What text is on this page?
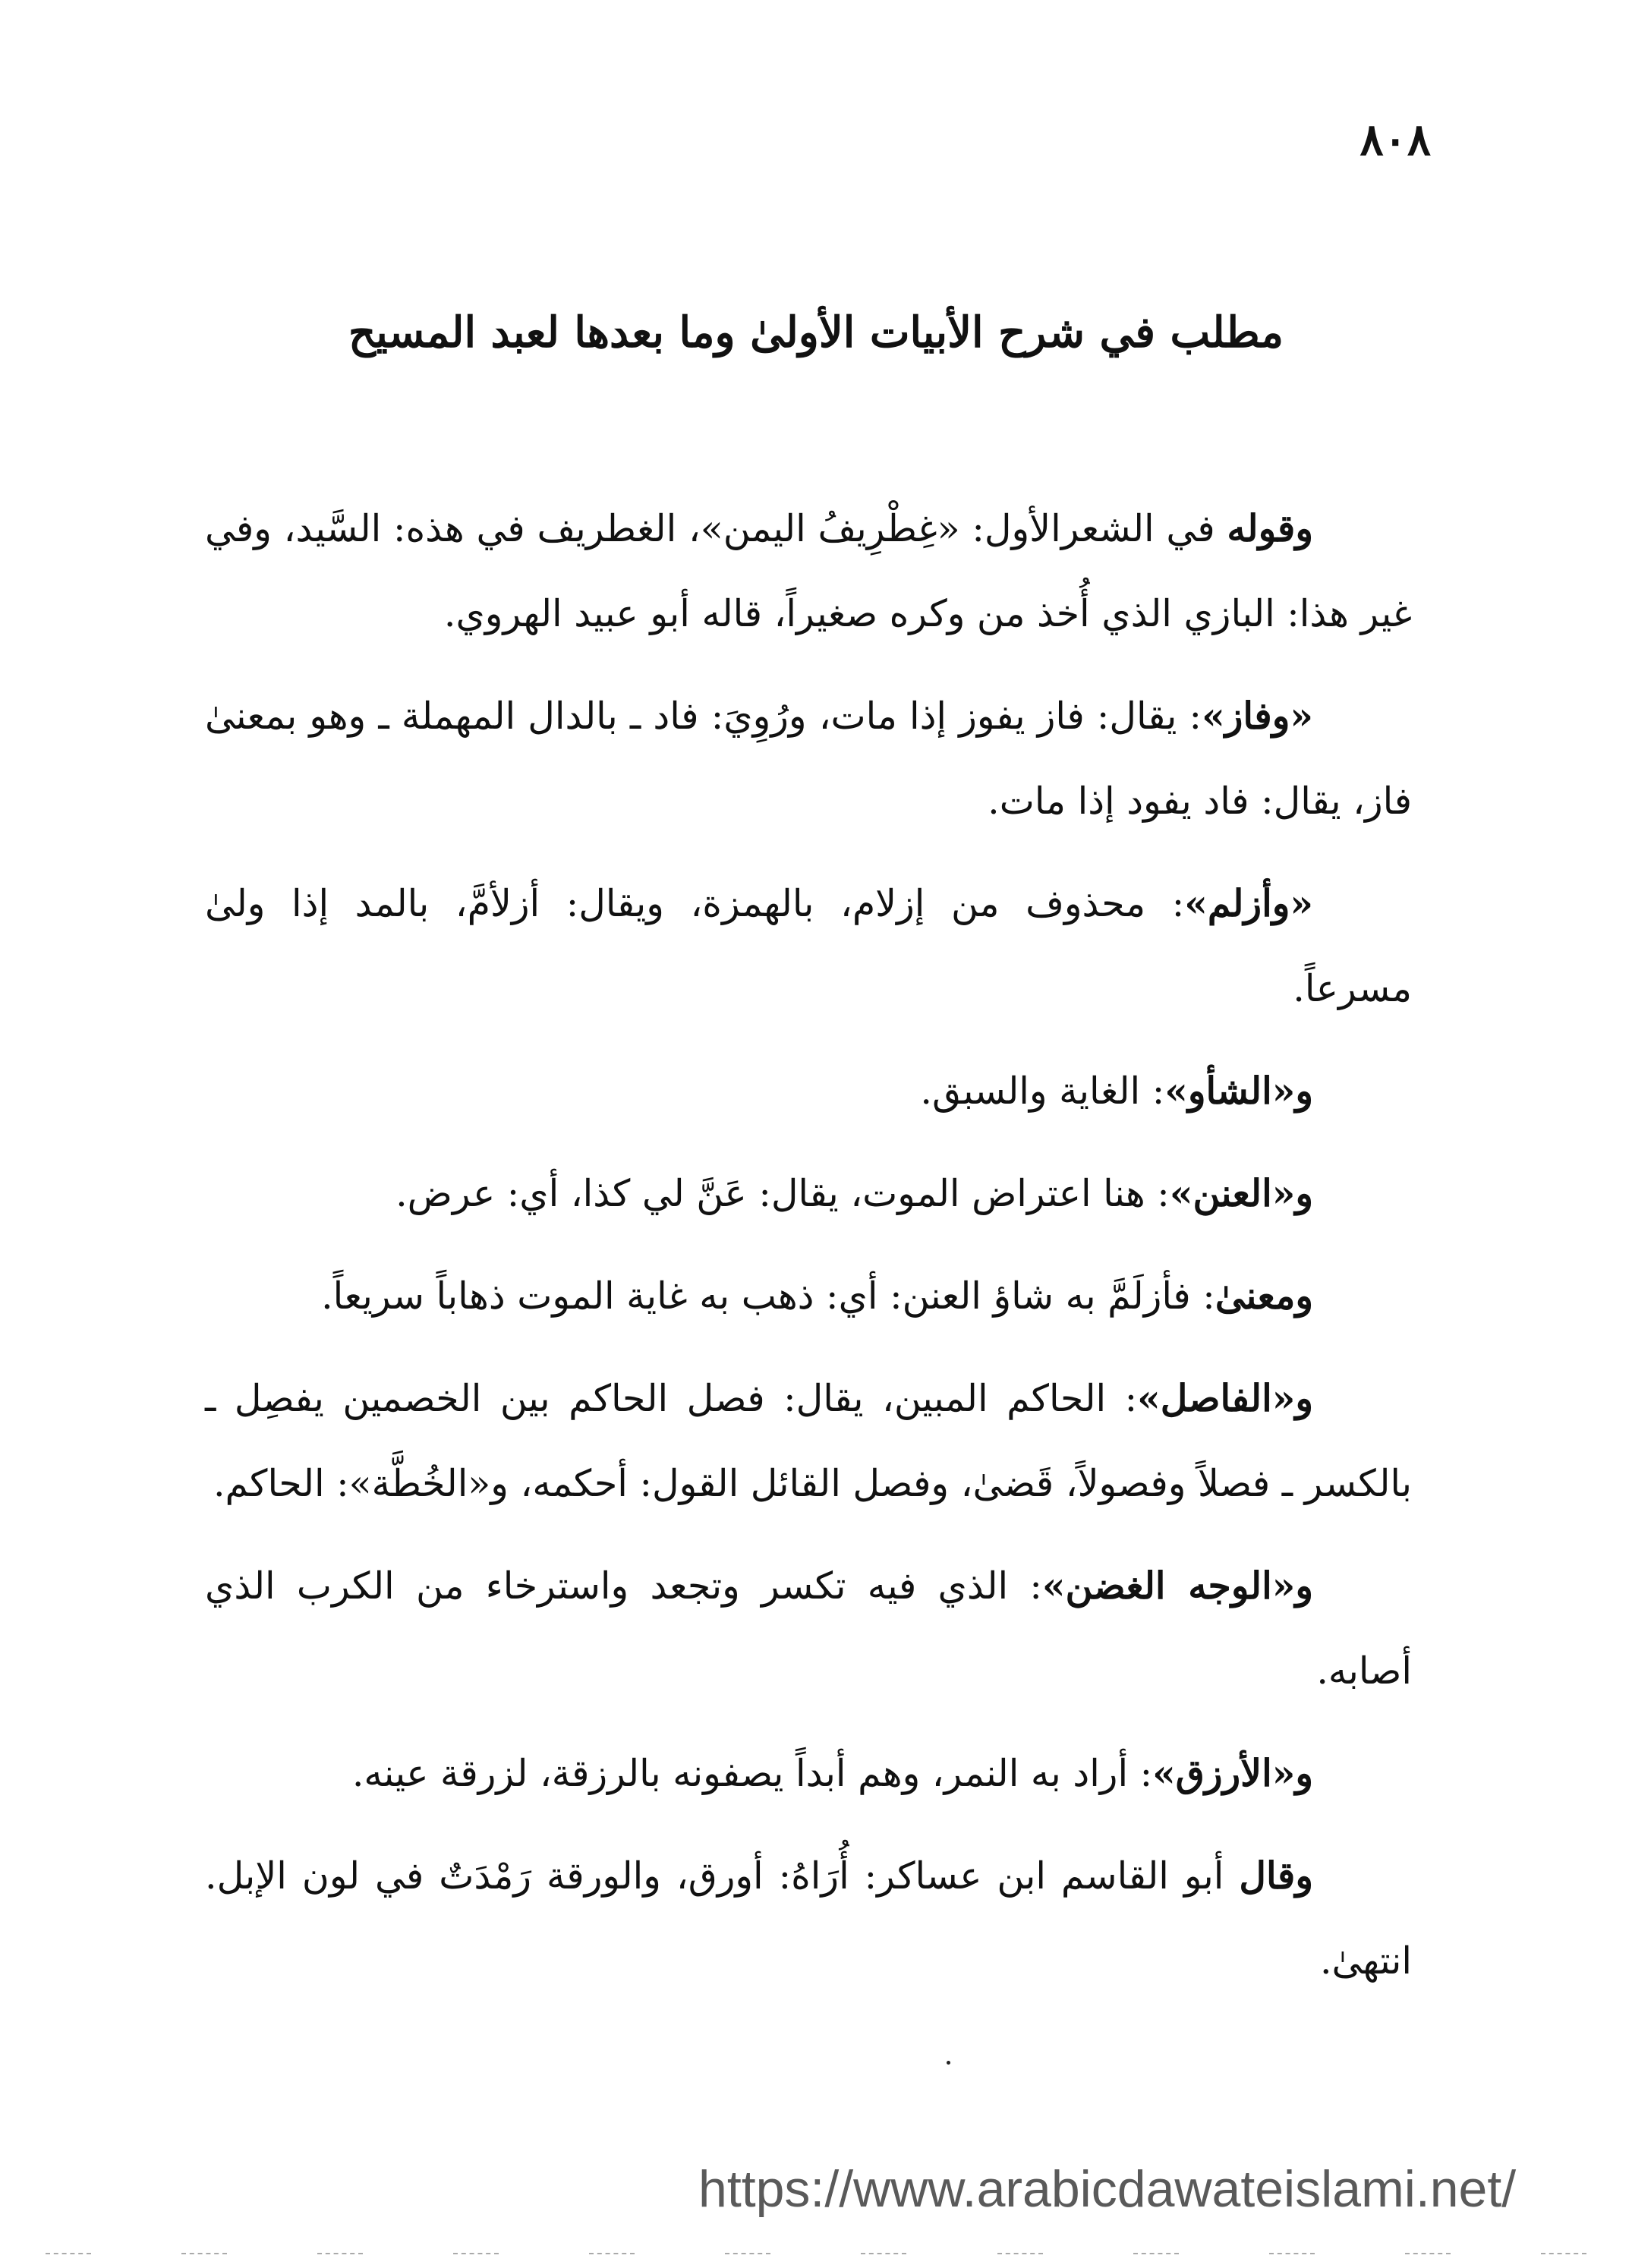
٨٠٨
مطلب في شرح الأبيات الأولىٰ وما بعدها لعبد المسيح

وقوله في الشعرالأول: «غِطْرِيفُ اليمن»، الغطريف في هذه: السَّيد، وفي غير هذا: البازي الذي أُخذ من وكره صغيراً، قاله أبو عبيد الهروي.

«وفاز»: يقال: فاز يفوز إذا مات، ورُوِيَ: فاد ـ بالدال المهملة ـ وهو بمعنىٰ فاز، يقال: فاد يفود إذا مات.

«وأزلم»: محذوف من إزلام، بالهمزة، ويقال: أزلأمَّ، بالمد إذا ولىٰ مسرعاً.

و«الشأو»: الغاية والسبق.

و«العنن»: هنا اعتراض الموت، يقال: عَنَّ لي كذا، أي: عرض.

ومعنىٰ: فأزلَمَّ به شاؤ العنن: أي: ذهب به غاية الموت ذهاباً سريعاً.

و«الفاصل»: الحاكم المبين، يقال: فصل الحاكم بين الخصمين يفصِل ـ بالكسر ـ فصلاً وفصولاً، قَضىٰ، وفصل القائل القول: أحكمه، و«الخُطَّة»: الحاكم.

و«الوجه الغضن»: الذي فيه تكسر وتجعد واسترخاء من الكرب الذي أصابه.

و«الأرزق»: أراد به النمر، وهم أبداً يصفونه بالرزقة، لزرقة عينه.

وقال أبو القاسم ابن عساكر: أُرَاهُ: أورق، والورقة رَمْدَتٌ في لون الإبل. انتهىٰ.

https://www.arabicdawateislami.net/
